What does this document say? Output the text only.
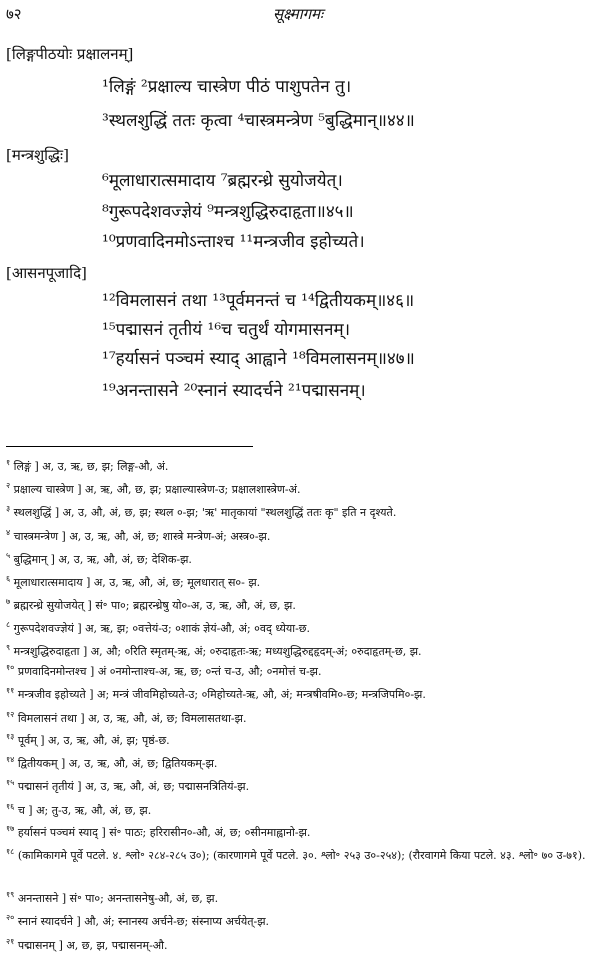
७२	सूक्ष्मागमः
[लिङ्गपीठयोः प्रक्षालनम्]
¹लिङ्गं ²प्रक्षाल्य चास्त्रेण पीठं पाशुपतेन तु।
³स्थलशुद्धिं ततः कृत्वा ⁴चास्त्रमन्त्रेण ⁵बुद्धिमान्॥४४॥
[मन्त्रशुद्धिः]
⁶मूलाधारात्समादाय ⁷ब्रह्मरन्ध्रे सुयोजयेत्।
⁸गुरूपदेशवज्ज्ञेयं ⁹मन्त्रशुद्धिरुदाहृता॥४५॥
¹⁰प्रणवादिनमोऽन्ताश्च ¹¹मन्त्रजीव इहोच्यते।
[आसनपूजादि]
¹²विमलासनं तथा ¹³पूर्वमनन्तं च ¹⁴द्वितीयकम्॥४६॥
¹⁵पद्मासनं तृतीयं ¹⁶च चतुर्थं योगमासनम्।
¹⁷हर्यासनं पञ्चमं स्याद् आह्वाने ¹⁸विमलासनम्॥४७॥
¹⁹अनन्तासने ²⁰स्नानं स्यादर्चने ²¹पद्मासनम्।
$^१$ लिङ्गं ] अ, उ, ऋ, छ, झ; लिङ्ग-औ, अं.
$^२$ प्रक्षाल्य चास्त्रेण ] अ, ऋ, औ, छ, झ; प्रक्षाल्यास्त्रेण-उ; प्रक्षालशास्त्रेण-अं.
$^३$ स्थलशुद्धिं ] अ, उ, औ, अं, छ, झ; स्थल ०-झ; 'ऋ' मातृकायां "स्थलशुद्धिं ततः कृ" इति न दृश्यते.
$^४$ चास्त्रमन्त्रेण ] अ, उ, ऋ, औ, अं, छ; शास्त्रे मन्त्रेण-अं; अस्त्र०-झ.
$^५$ बुद्धिमान् ] अ, उ, ऋ, औ, अं, छ; देशिक-झ.
$^६$ मूलाधारात्समादाय ] अ, उ, ऋ, औ, अं, छ; मूलधारात् स०- झ.
$^७$ ब्रह्मरन्ध्रे सुयोजयेत् ] सं॰ पा०; ब्रह्मरन्ध्रेषु यो०-अ, उ, ऋ, औ, अं, छ, झ.
$^८$ गुरूपदेशवज्ज्ञेयं ] अ, ऋ, झ; ०वत्तेयं-उ; ०शाकं ज्ञेयं-औ, अं; ०वद् ध्येया-छ.
$^९$ मन्त्रशुद्धिरुदाहृता ] अ, औ; ०रिति स्मृतम्-ऋ, अं; ०रुदाहृतः-ऋ; मध्यशुद्धिरुद्दहृदम्-अं; ०रुदाहृतम्-छ, झ.
$^{१०}$ प्रणवादिनमोन्तश्च ] अं ०नमोन्ताश्च-अ, ऋ, छ; ०न्तं च-उ, औ; ०नमोत्तं च-झ.
$^{११}$ मन्त्रजीव इहोच्यते ] अ; मन्त्रं जीवमिहोच्यते-उ; ०मिहोच्यते-ऋ, औ, अं; मन्त्रषीवमि०-छ; मन्त्रजिपमि०-झ.
$^{१२}$ विमलासनं तथा ] अ, उ, ऋ, औ, अं, छ; विमलासतथा-झ.
$^{१३}$ पूर्वम् ] अ, उ, ऋ, औ, अं, झ; पृष्ठं-छ.
$^{१४}$ द्वितीयकम् ] अ, उ, ऋ, औ, अं, छ; द्वितियकम्-झ.
$^{१५}$ पद्मासनं तृतीयं ] अ, उ, ऋ, औ, अं, छ; पद्मासनत्रितियं-झ.
$^{१६}$ च ] अ; तु-उ, ऋ, औ, अं, छ, झ.
$^{१७}$ हर्यासनं पञ्चमं स्याद् ] सं॰ पाठः; हरिरासीन०-औ, अं, छ; ०सीनमाह्वानो-झ.
$^{१८}$ (कामिकागमे पूर्वे पटले. ४. श्लो॰ २८४-२८५ उ०); (कारणागमे पूर्वे पटले. ३०. श्लो॰ २५३ उ०-२५४); (रौरवागमे किया पटले. ४३. श्लो॰ ७० उ-७१).
$^{१९}$ अनन्तासने ] सं॰ पा०; अनन्तासनेषु-औ, अं, छ, झ.
$^{२०}$ स्नानं स्यादर्चने ] औ, अं; स्नानस्य अर्चने-छ; संस्नाप्य अर्चयेत्-झ.
$^{२१}$ पद्मासनम् ] अ, छ, झ, पद्मासनम्-औ.
